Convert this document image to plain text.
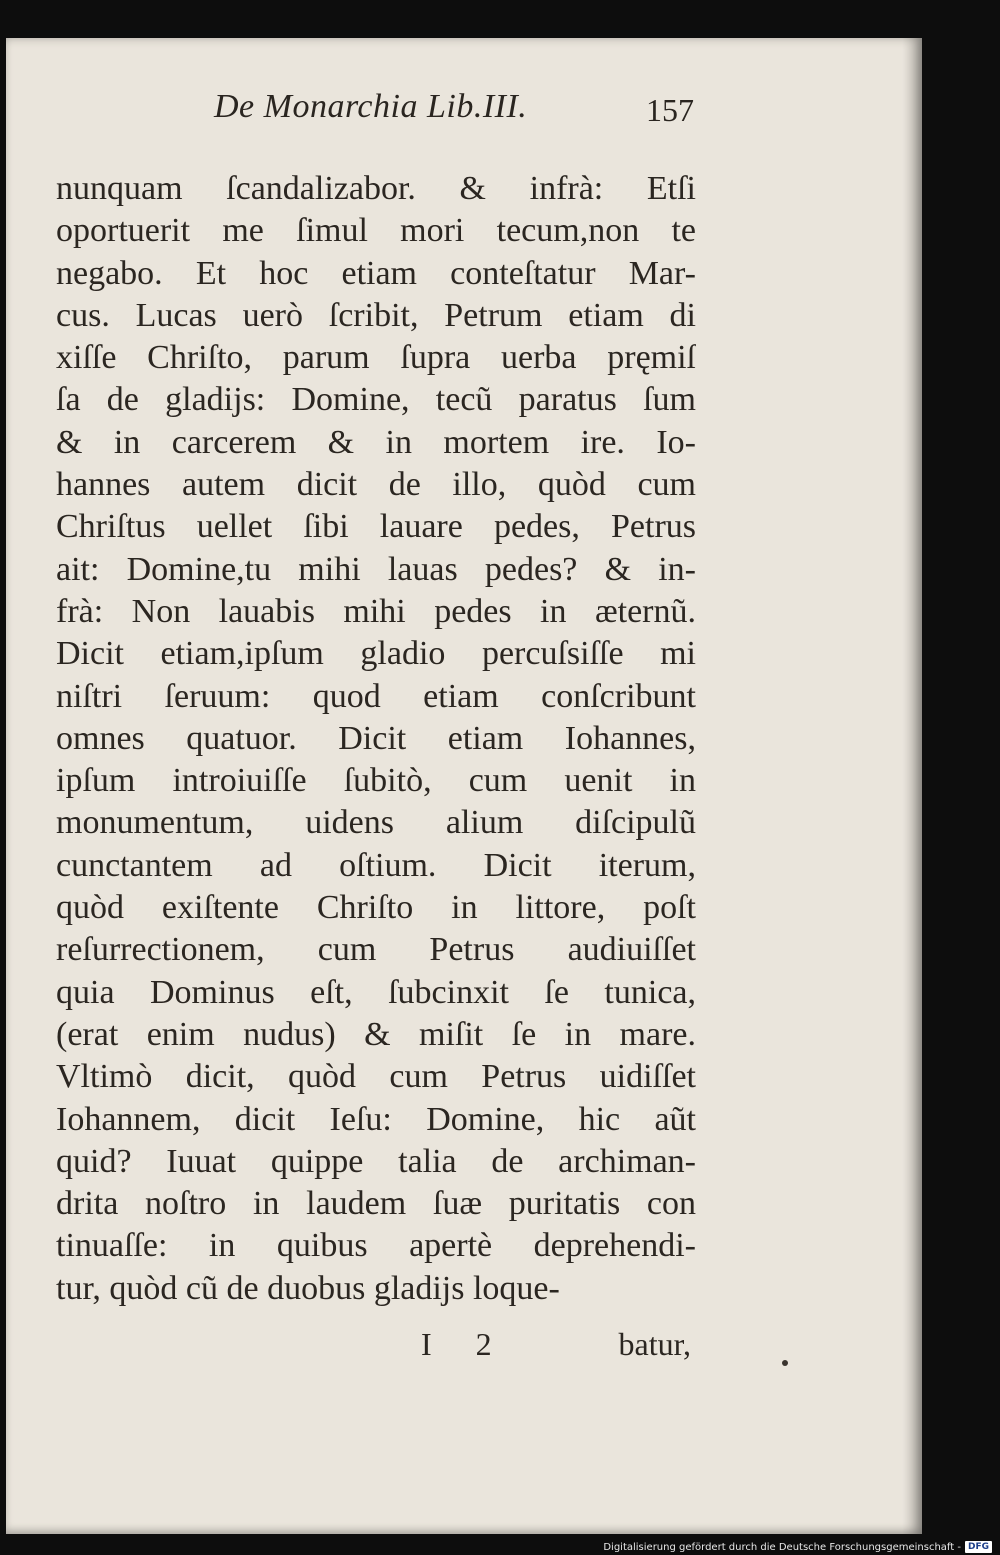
De Monarchia Lib.III.	157
nunquam ſcandalizabor. & infrà: Etſi
oportuerit me ſimul mori tecum,non te
negabo. Et hoc etiam conteſtatur Mar-
cus. Lucas uerò ſcribit, Petrum etiam di
xiſſe Chriſto, parum ſupra uerba pręmiſ
ſa de gladijs: Domine, tecũ paratus ſum
& in carcerem & in mortem ire. Io-
hannes autem dicit de illo, quòd cum
Chriſtus uellet ſibi lauare pedes, Petrus
ait: Domine,tu mihi lauas pedes? & in-
frà: Non lauabis mihi pedes in æternũ.
Dicit etiam,ipſum gladio percuſsiſſe mi
niſtri ſeruum: quod etiam conſcribunt
omnes quatuor. Dicit etiam Iohannes,
ipſum introiuiſſe ſubitò, cum uenit in
monumentum, uidens alium diſcipulũ
cunctantem ad oſtium. Dicit iterum,
quòd exiſtente Chriſto in littore, poſt
reſurrectionem, cum Petrus audiuiſſet
quia Dominus eſt, ſubcinxit ſe tunica,
(erat enim nudus) & miſit ſe in mare.
Vltimò dicit, quòd cum Petrus uidiſſet
Iohannem, dicit Ieſu: Domine, hic aũt
quid? Iuuat quippe talia de archiman-
drita noſtro in laudem ſuæ puritatis con
tinuaſſe: in quibus apertè deprehendi-
tur, quòd cũ de duobus gladijs loque-
I 2	batur,
Digitalisierung gefördert durch die Deutsche Forschungsgemeinschaft - DFG
